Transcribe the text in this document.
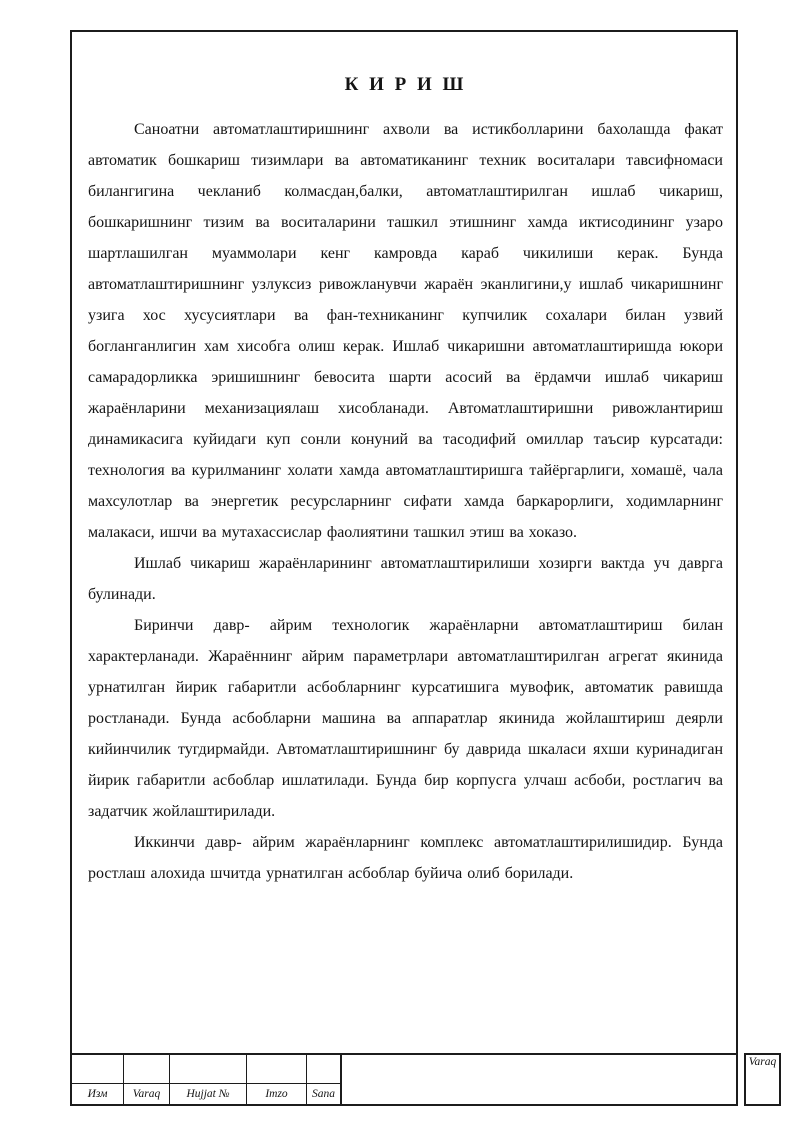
К И Р И Ш

Саноатни автоматлаштиришнинг ахволи ва истикболларини бахолашда факат автоматик бошкариш тизимлари ва автоматиканинг техник воситалари тавсифномаси билангигина чекланиб колмасдан,балки, автоматлаштирилган ишлаб чикариш, бошкаришнинг тизим ва воситаларини ташкил этишнинг хамда иктисодининг узаро шартлашилган муаммолари кенг камровда караб чикилиши керак. Бунда автоматлаштиришнинг узлуксиз ривожланувчи жараён эканлигини,у ишлаб чикаришнинг узига хос хусусиятлари ва фан-техниканинг купчилик сохалари билан узвий богланганлигин хам хисобга олиш керак. Ишлаб чикаришни автоматлаштиришда юкори самарадорликка эришишнинг бевосита шарти асосий ва ёрдамчи ишлаб чикариш жараёнларини механизациялаш хисобланади. Автоматлаштиришни ривожлантириш динамикасига куйидаги куп сонли конуний ва тасодифий омиллар таъсир курсатади: технология ва курилманинг холати хамда автоматлаштиришга тайёргарлиги, хомашё, чала махсулотлар ва энергетик ресурсларнинг сифати хамда баркарорлиги, ходимларнинг малакаси, ишчи ва мутахассислар фаолиятини ташкил этиш ва хоказо.

Ишлаб чикариш жараёнларининг автоматлаштирилиши хозирги вактда уч даврга булинади.

Биринчи давр- айрим технологик жараёнларни автоматлаштириш билан характерланади. Жараённинг айрим параметрлари автоматлаштирилган агрегат якинида урнатилган йирик габаритли асбобларнинг курсатишига мувофик, автоматик равишда ростланади. Бунда асбобларни машина ва аппаратлар якинида жойлаштириш деярли кийинчилик тугдирмайди. Автоматлаштиришнинг бу даврида шкаласи яхши куринадиган йирик габаритли асбоблар ишлатилади. Бунда бир корпусга улчаш асбоби, ростлагич ва задатчик жойлаштирилади.

Иккинчи давр- айрим жараёнларнинг комплекс автоматлаштирилишидир. Бунда ростлаш алохида шчитда урнатилган асбоблар буйича олиб борилади.

Изм	Varaq	Hujjat №	Imzo	Sana
Varaq
